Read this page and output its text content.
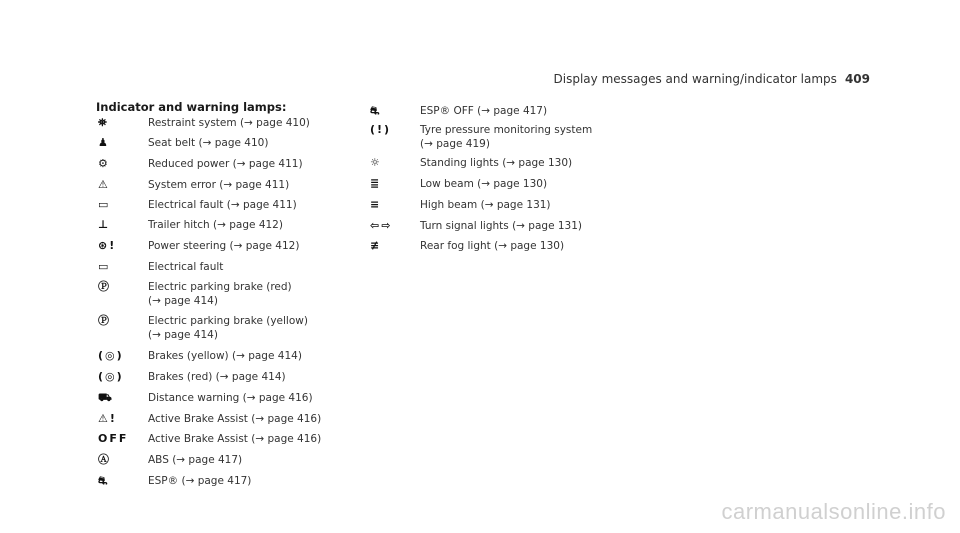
Display messages and warning/indicator lamps 409
Indicator and warning lamps:
⛯	Restraint system (→ page 410)
♟	Seat belt (→ page 410)
⚙	Reduced power (→ page 411)
⚠	System error (→ page 411)
▭	Electrical fault (→ page 411)
⊥	Trailer hitch (→ page 412)
⊛!	Power steering (→ page 412)
▭	Electrical fault
Ⓟ	Electric parking brake (red)
(→ page 414)
Ⓟ	Electric parking brake (yellow)
(→ page 414)
(◎)	Brakes (yellow) (→ page 414)
(◎)	Brakes (red) (→ page 414)
⛟	Distance warning (→ page 416)
⚠!	Active Brake Assist (→ page 416)
OFF	Active Brake Assist (→ page 416)
Ⓐ	ABS (→ page 417)
⛐	ESP® (→ page 417)
⛐	ESP® OFF (→ page 417)
(!)	Tyre pressure monitoring system
(→ page 419)
☼	Standing lights (→ page 130)
≣	Low beam (→ page 130)
≡	High beam (→ page 131)
⇦⇨	Turn signal lights (→ page 131)
≢	Rear fog light (→ page 130)
carmanualsonline.info
